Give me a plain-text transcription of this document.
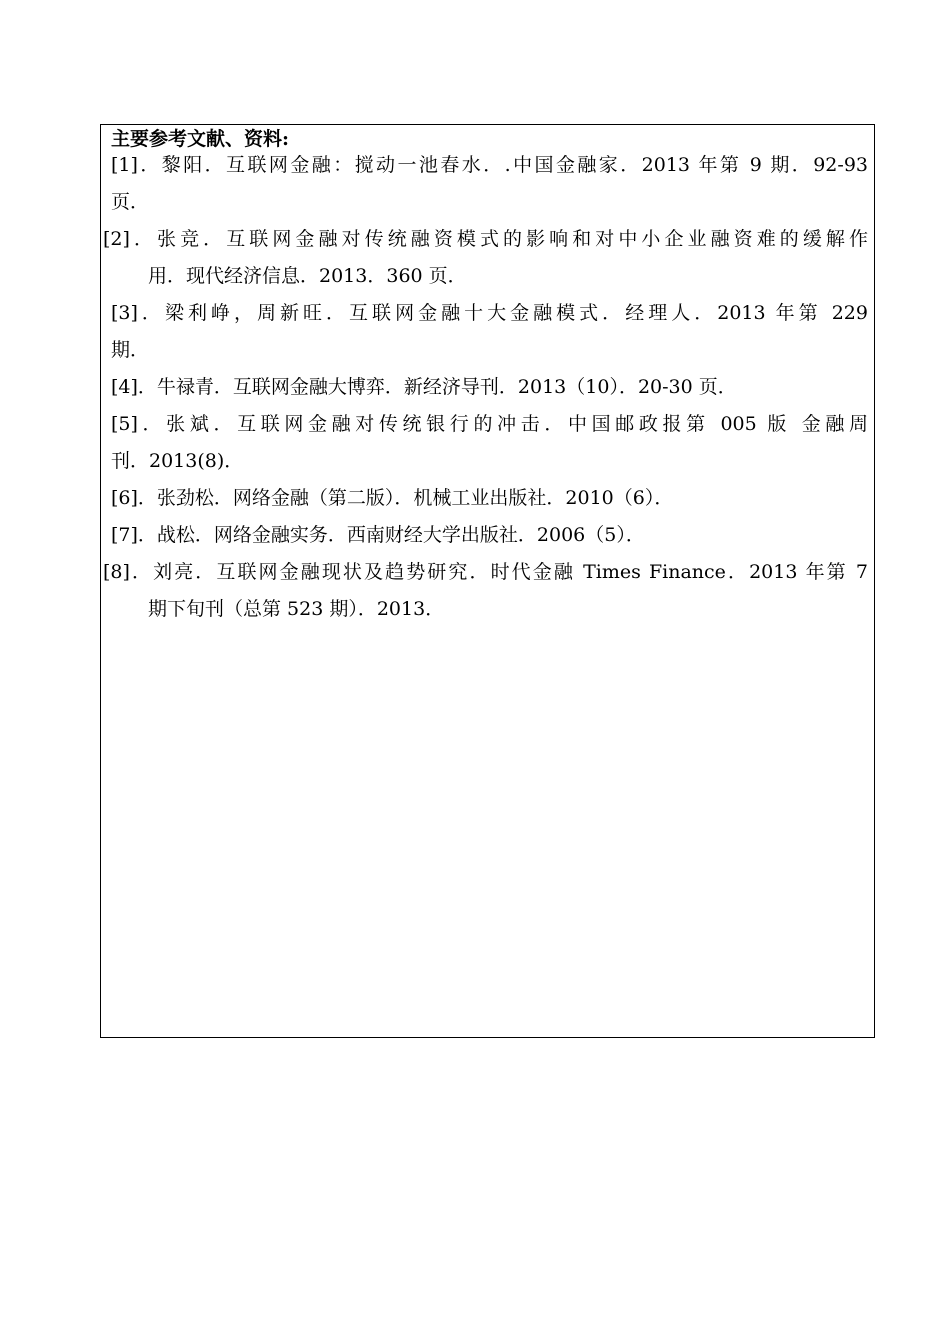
主要参考文献、资料:
[1]．黎阳．互联网金融：搅动一池春水．.中国金融家．2013 年第 9 期．92-93
页．
[2]．张竞．互联网金融对传统融资模式的影响和对中小企业融资难的缓解作
用．现代经济信息．2013．360 页．
[3]．梁利峥，周新旺．互联网金融十大金融模式．经理人．2013 年第 229
期．
[4]．牛禄青．互联网金融大博弈．新经济导刊．2013（10）．20-30 页．
[5]．张斌．互联网金融对传统银行的冲击．中国邮政报第 005 版 金融周
刊．2013(8)．
[6]．张劲松．网络金融（第二版）．机械工业出版社．2010（6）．
[7]．战松．网络金融实务．西南财经大学出版社．2006（5）．
[8]．刘亮．互联网金融现状及趋势研究．时代金融 Times Finance．2013 年第 7
期下旬刊（总第 523 期）．2013．
